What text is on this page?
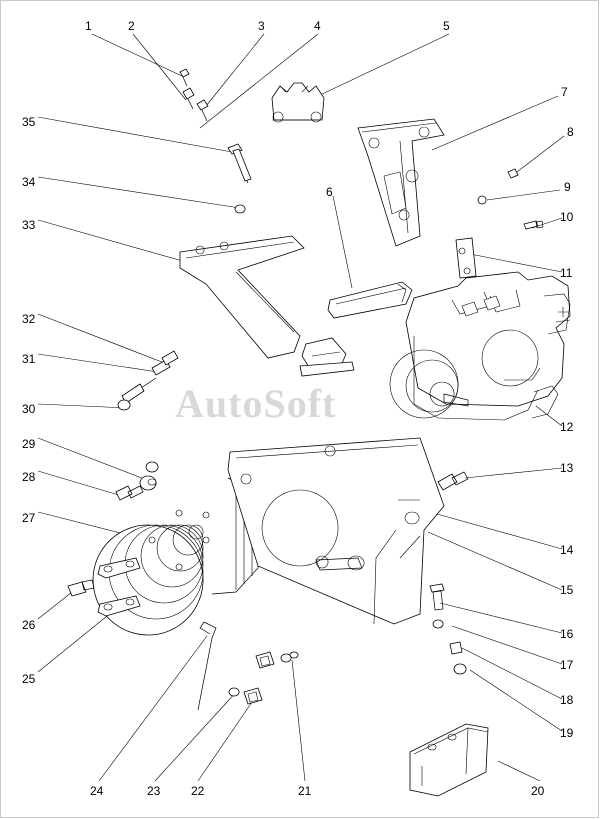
AutoSoft
1	2	3	4	5
6
7
8
9
10
11
12
13
14
15
16
17
18
19
20
21
22
23
24
25
26
27
28
29
30
31
32
33
34
35
